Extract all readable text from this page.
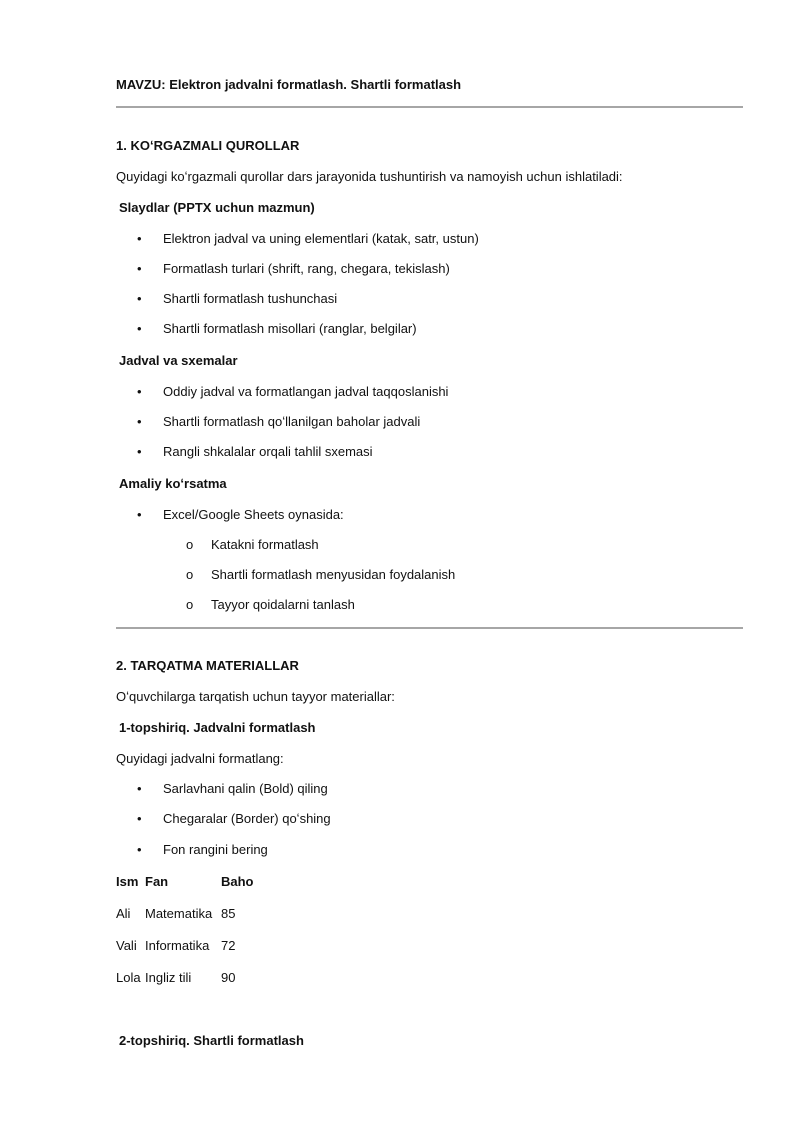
MAVZU: Elektron jadvalni formatlash. Shartli formatlash
1. KOʻRGAZMALI QUROLLAR
Quyidagi koʻrgazmali qurollar dars jarayonida tushuntirish va namoyish uchun ishlatiladi:
Slaydlar (PPTX uchun mazmun)
• Elektron jadval va uning elementlari (katak, satr, ustun)
• Formatlash turlari (shrift, rang, chegara, tekislash)
• Shartli formatlash tushunchasi
• Shartli formatlash misollari (ranglar, belgilar)
Jadval va sxemalar
• Oddiy jadval va formatlangan jadval taqqoslanishi
• Shartli formatlash qoʻllanilgan baholar jadvali
• Rangli shkalalar orqali tahlil sxemasi
Amaliy koʻrsatma
• Excel/Google Sheets oynasida:
o Katakni formatlash
o Shartli formatlash menyusidan foydalanish
o Tayyor qoidalarni tanlash
2. TARQATMA MATERIALLAR
Oʻquvchilarga tarqatish uchun tayyor materiallar:
1-topshiriq. Jadvalni formatlash
Quyidagi jadvalni formatlang:
• Sarlavhani qalin (Bold) qiling
• Chegaralar (Border) qoʻshing
• Fon rangini bering
Ism Fan	Baho
Ali Matematika 85
Vali Informatika 72
Lola Ingliz tili 90
2-topshiriq. Shartli formatlash
